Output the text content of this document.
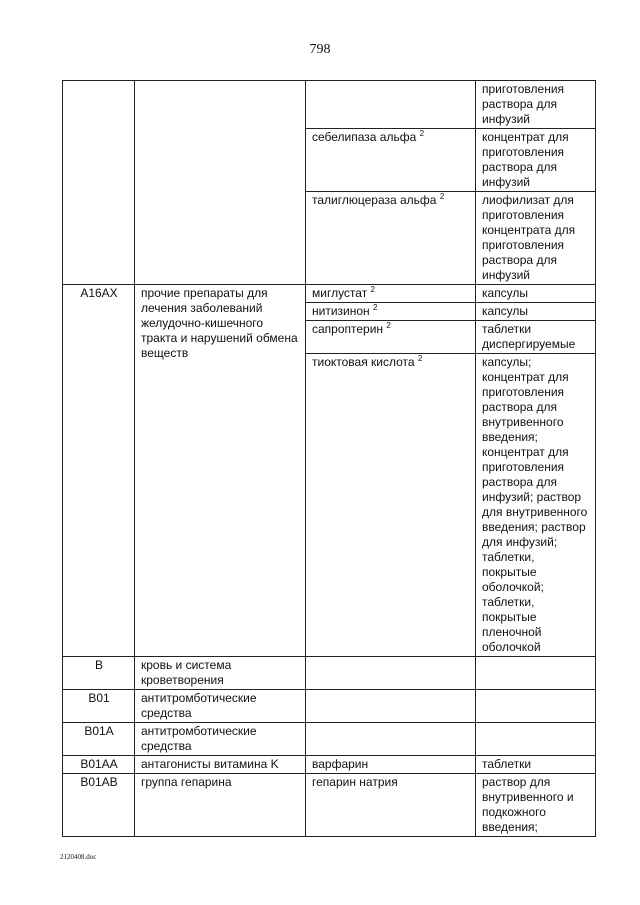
798
			приготовления раствора для инфузий
		себелипаза альфа $^2$	концентрат для приготовления раствора для инфузий
		талиглюцераза альфа $^2$	лиофилизат для приготовления концентрата для приготовления раствора для инфузий
A16AX	прочие препараты для лечения заболеваний желудочно-кишечного тракта и нарушений обмена веществ	миглустат $^2$	капсулы
		нитизинон $^2$	капсулы
		сапроптерин $^2$	таблетки диспергируемые
		тиоктовая кислота $^2$	капсулы; концентрат для приготовления раствора для внутривенного введения; концентрат для приготовления раствора для инфузий; раствор для внутривенного введения; раствор для инфузий; таблетки, покрытые оболочкой; таблетки, покрытые пленочной оболочкой
B	кровь и система кроветворения		
B01	антитромботические средства		
B01A	антитромботические средства		
B01AA	антагонисты витамина K	варфарин	таблетки
B01AB	группа гепарина	гепарин натрия	раствор для внутривенного и подкожного введения;
2120408.doc
